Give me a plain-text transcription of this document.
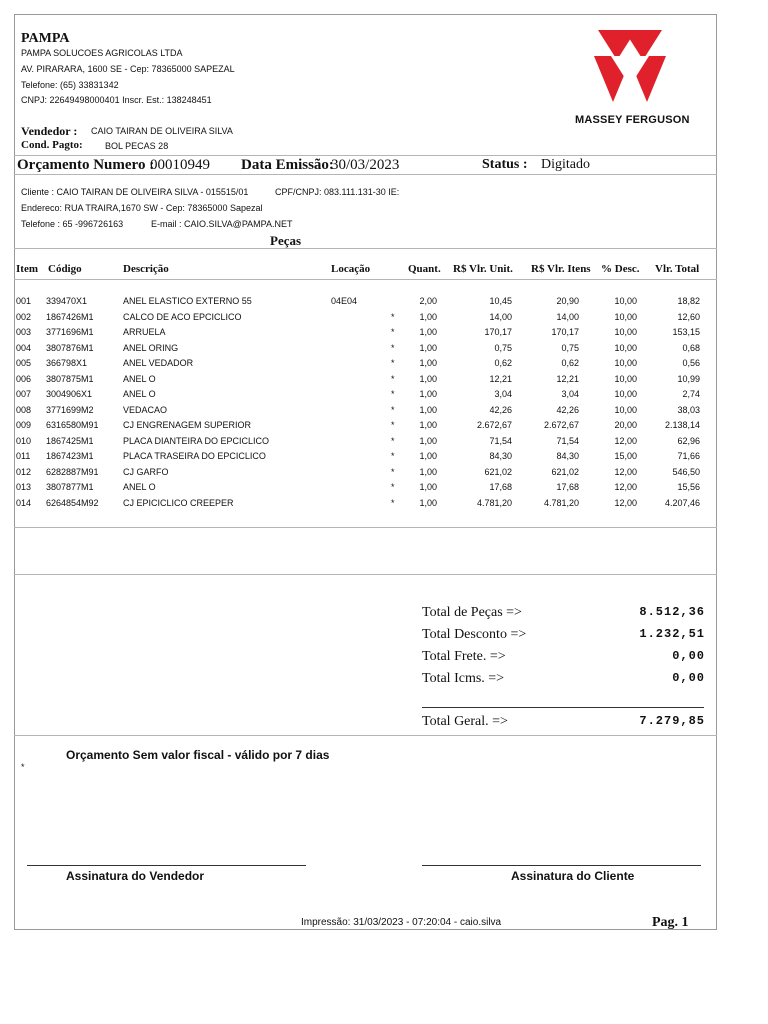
PAMPA
PAMPA SOLUCOES AGRICOLAS LTDA
AV. PIRARARA, 1600 SE - Cep: 78365000 SAPEZAL
Telefone: (65) 33831342
CNPJ: 22649498000401 Inscr. Est.: 138248451
MASSEY FERGUSON
Vendedor : CAIO TAIRAN DE OLIVEIRA SILVA
Cond. Pagto: BOL PECAS 28
Orçamento Numero :
00010949 Data Emissão:
30/03/2023	Status : Digitado
Cliente : CAIO TAIRAN DE OLIVEIRA SILVA - 015515/01	CPF/CNPJ: 083.111.131-30 IE:
Endereco: RUA TRAIRA,1670 SW - Cep: 78365000 Sapezal
Telefone : 65 -996726163	E-mail : CAIO.SILVA@PAMPA.NET
Peças
Item Código	Descrição	Locação	Quant. R$ Vlr. Unit. R$ Vlr. Itens % Desc. Vlr. Total
001 339470X1	ANEL ELASTICO EXTERNO 55	04E04	2,00	10,45	20,90	10,00	18,82
002 1867426M1	CALCO DE ACO EPCICLICO	*	1,00	14,00	14,00	10,00	12,60
003 3771696M1	ARRUELA	*	1,00	170,17	170,17	10,00	153,15
004 3807876M1	ANEL ORING	*	1,00	0,75	0,75	10,00	0,68
005 366798X1	ANEL VEDADOR	*	1,00	0,62	0,62	10,00	0,56
006 3807875M1	ANEL O	*	1,00	12,21	12,21	10,00	10,99
007 3004906X1	ANEL O	*	1,00	3,04	3,04	10,00	2,74
008 3771699M2	VEDACAO	*	1,00	42,26	42,26	10,00	38,03
009 6316580M91	CJ ENGRENAGEM SUPERIOR	*	1,00	2.672,67	2.672,67	20,00	2.138,14
010 1867425M1	PLACA DIANTEIRA DO EPCICLICO	*	1,00	71,54	71,54	12,00	62,96
011 1867423M1	PLACA TRASEIRA DO EPCICLICO	*	1,00	84,30	84,30	15,00	71,66
012 6282887M91	CJ GARFO	*	1,00	621,02	621,02	12,00	546,50
013 3807877M1	ANEL O	*	1,00	17,68	17,68	12,00	15,56
014 6264854M92	CJ EPICICLICO CREEPER	*	1,00	4.781,20	4.781,20	12,00	4.207,46
Total de Peças =>	8.512,36
Total Desconto =>	1.232,51
Total Frete. =>	0,00
Total Icms. =>	0,00
Total Geral. =>	7.279,85
Orçamento Sem valor fiscal - válido por 7 dias
*
Assinatura do Vendedor	Assinatura do Cliente
Impressão: 31/03/2023 - 07:20:04 - caio.silva	Pag. 1
